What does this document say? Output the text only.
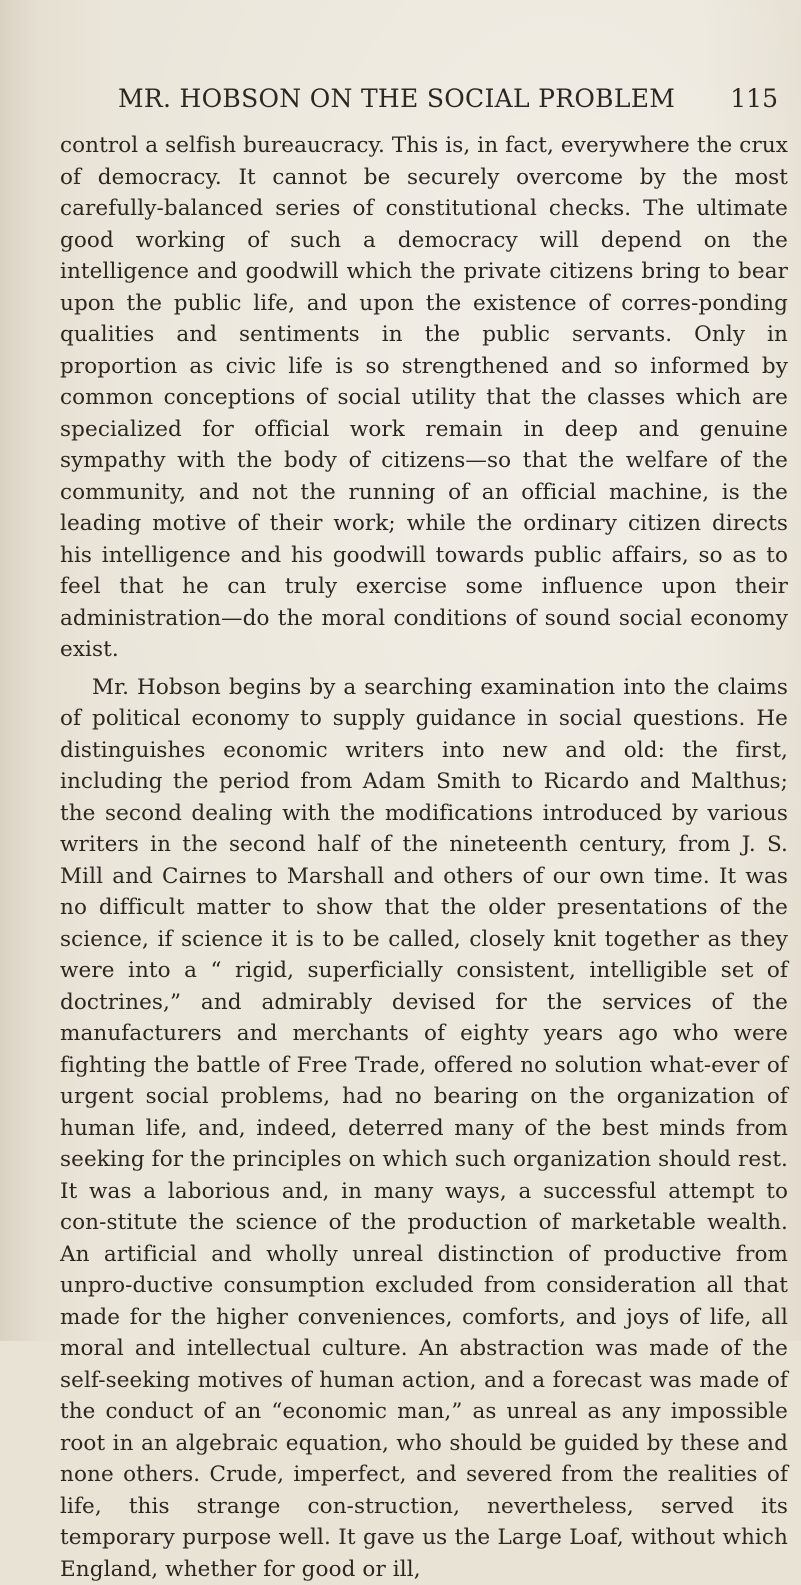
MR. HOBSON ON THE SOCIAL PROBLEM 115

control a selfish bureaucracy. This is, in fact, everywhere the crux of democracy. It cannot be securely overcome by the most carefully-balanced series of constitutional checks. The ultimate good working of such a democracy will depend on the intelligence and goodwill which the private citizens bring to bear upon the public life, and upon the existence of corres-ponding qualities and sentiments in the public servants. Only in proportion as civic life is so strengthened and so informed by common conceptions of social utility that the classes which are specialized for official work remain in deep and genuine sympathy with the body of citizens—so that the welfare of the community, and not the running of an official machine, is the leading motive of their work; while the ordinary citizen directs his intelligence and his goodwill towards public affairs, so as to feel that he can truly exercise some influence upon their administration—do the moral conditions of sound social economy exist.

Mr. Hobson begins by a searching examination into the claims of political economy to supply guidance in social questions. He distinguishes economic writers into new and old: the first, including the period from Adam Smith to Ricardo and Malthus; the second dealing with the modifications introduced by various writers in the second half of the nineteenth century, from J. S. Mill and Cairnes to Marshall and others of our own time. It was no difficult matter to show that the older presentations of the science, if science it is to be called, closely knit together as they were into a “ rigid, superficially consistent, intelligible set of doctrines,” and admirably devised for the services of the manufacturers and merchants of eighty years ago who were fighting the battle of Free Trade, offered no solution what-ever of urgent social problems, had no bearing on the organization of human life, and, indeed, deterred many of the best minds from seeking for the principles on which such organization should rest. It was a laborious and, in many ways, a successful attempt to con-stitute the science of the production of marketable wealth. An artificial and wholly unreal distinction of productive from unpro-ductive consumption excluded from consideration all that made for the higher conveniences, comforts, and joys of life, all moral and intellectual culture. An abstraction was made of the self-seeking motives of human action, and a forecast was made of the conduct of an “economic man,” as unreal as any impossible root in an algebraic equation, who should be guided by these and none others. Crude, imperfect, and severed from the realities of life, this strange con-struction, nevertheless, served its temporary purpose well. It gave us the Large Loaf, without which England, whether for good or ill,
